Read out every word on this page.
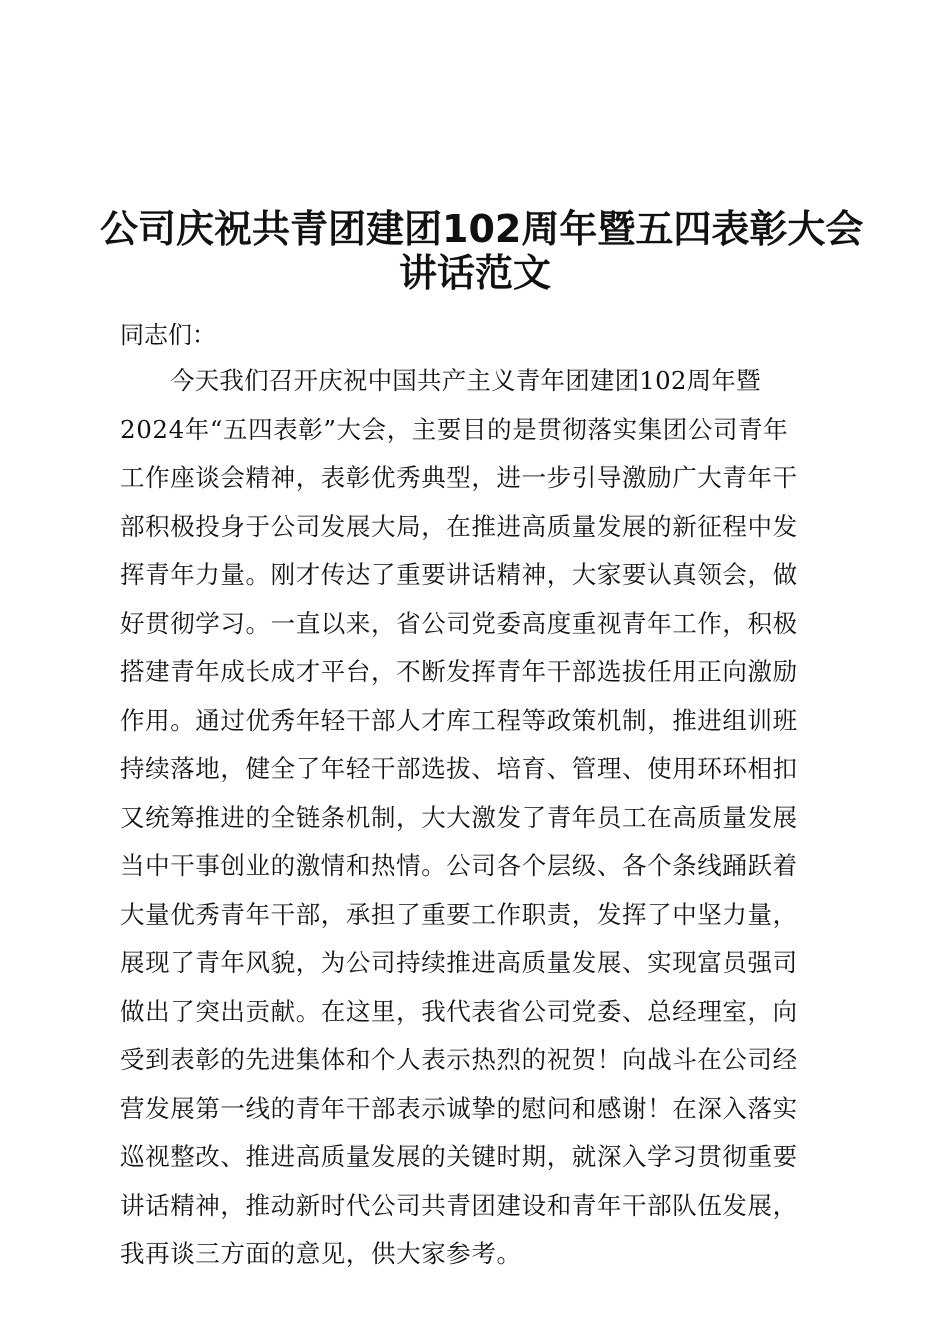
公司庆祝共青团建团102周年暨五四表彰大会
讲话范文
同志们：
今天我们召开庆祝中国共产主义青年团建团102周年暨
2024年“五四表彰”大会，主要目的是贯彻落实集团公司青年
工作座谈会精神，表彰优秀典型，进一步引导激励广大青年干
部积极投身于公司发展大局，在推进高质量发展的新征程中发
挥青年力量。刚才传达了重要讲话精神，大家要认真领会，做
好贯彻学习。一直以来，省公司党委高度重视青年工作，积极
搭建青年成长成才平台，不断发挥青年干部选拔任用正向激励
作用。通过优秀年轻干部人才库工程等政策机制，推进组训班
持续落地，健全了年轻干部选拔、培育、管理、使用环环相扣
又统筹推进的全链条机制，大大激发了青年员工在高质量发展
当中干事创业的激情和热情。公司各个层级、各个条线踊跃着
大量优秀青年干部，承担了重要工作职责，发挥了中坚力量，
展现了青年风貌，为公司持续推进高质量发展、实现富员强司
做出了突出贡献。在这里，我代表省公司党委、总经理室，向
受到表彰的先进集体和个人表示热烈的祝贺！向战斗在公司经
营发展第一线的青年干部表示诚挚的慰问和感谢！在深入落实
巡视整改、推进高质量发展的关键时期，就深入学习贯彻重要
讲话精神，推动新时代公司共青团建设和青年干部队伍发展，
我再谈三方面的意见，供大家参考。
